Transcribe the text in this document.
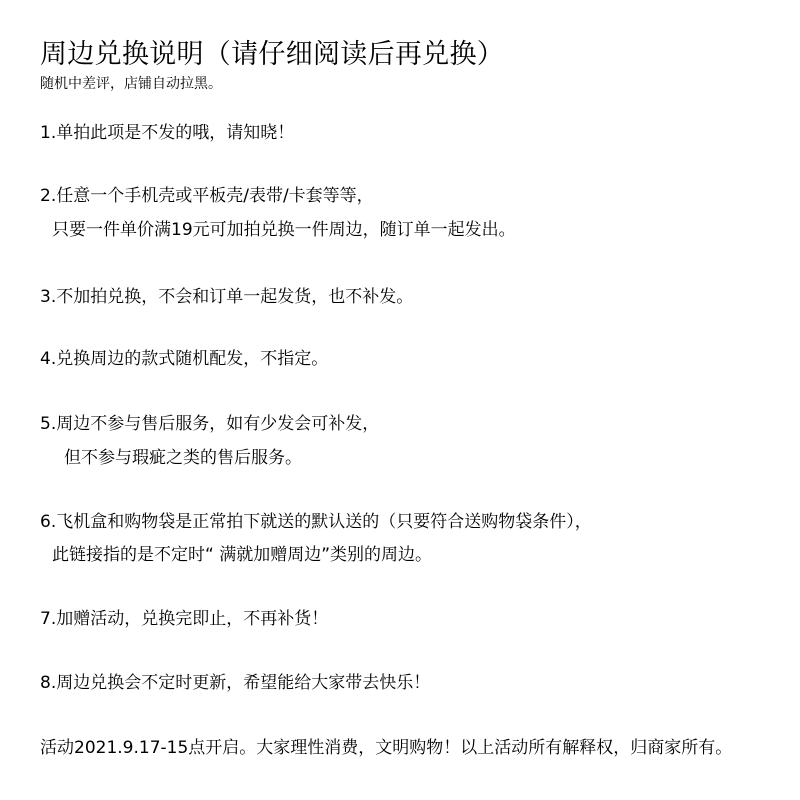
周边兑换说明（请仔细阅读后再兑换）
随机中差评，店铺自动拉黑。
1.单拍此项是不发的哦，请知晓！
2.任意一个手机壳或平板壳/表带/卡套等等，
只要一件单价满19元可加拍兑换一件周边，随订单一起发出。
3.不加拍兑换，不会和订单一起发货，也不补发。
4.兑换周边的款式随机配发，不指定。
5.周边不参与售后服务，如有少发会可补发，
但不参与瑕疵之类的售后服务。
6.飞机盒和购物袋是正常拍下就送的默认送的（只要符合送购物袋条件），
此链接指的是不定时“ 满就加赠周边”类别的周边。
7.加赠活动，兑换完即止，不再补货！
8.周边兑换会不定时更新，希望能给大家带去快乐！
活动2021.9.17-15点开启。大家理性消费，文明购物！以上活动所有解释权，归商家所有。
